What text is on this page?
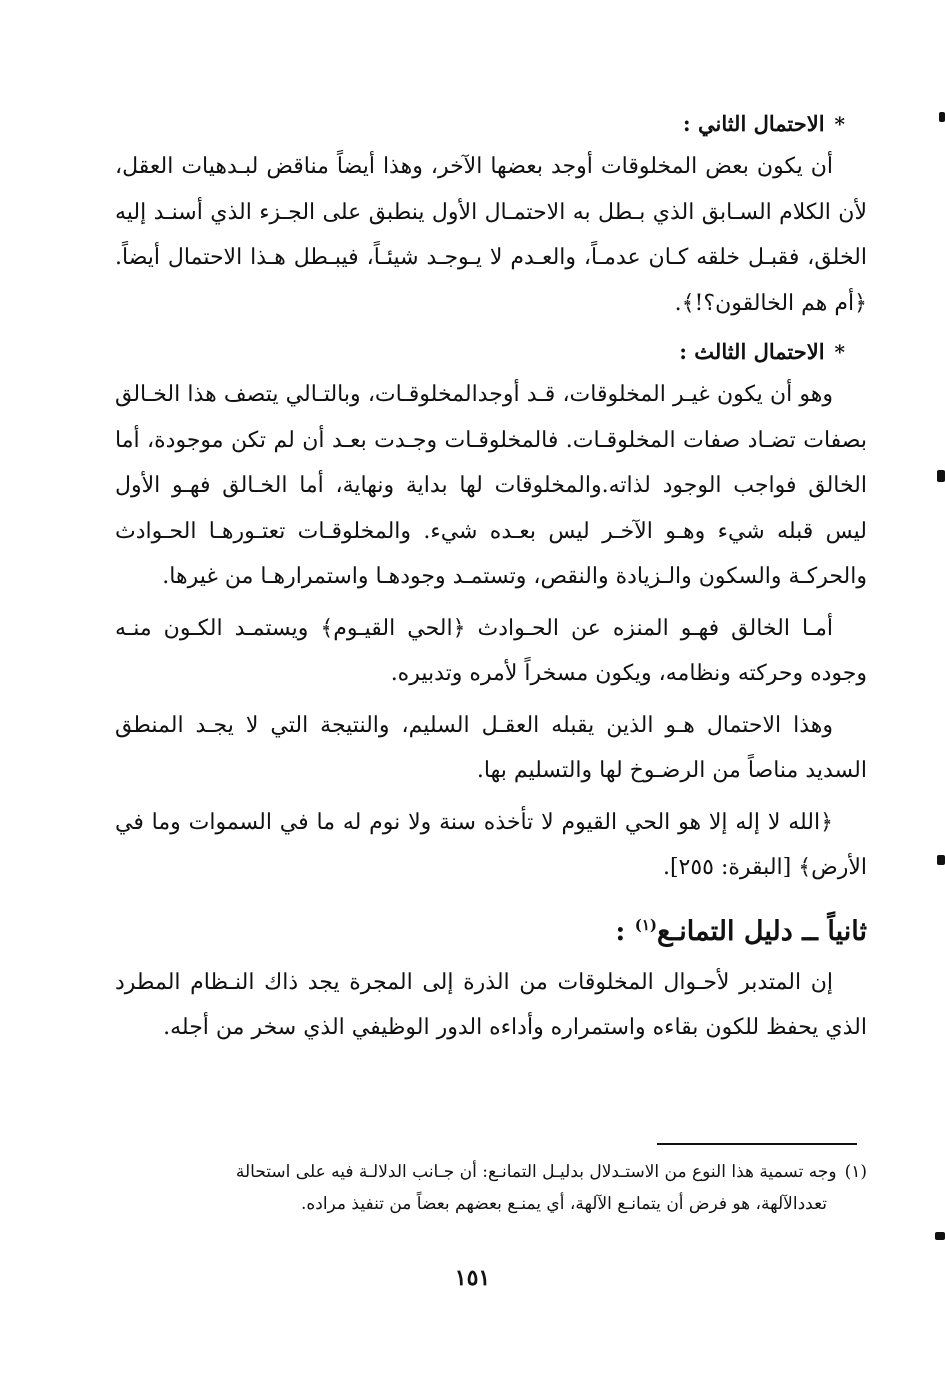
*الاحتمال الثاني :

أن يكون بعض المخلوقات أوجد بعضها الآخر، وهذا أيضاً مناقض لبـدهيات العقل، لأن الكلام السـابق الذي بـطل به الاحتمـال الأول ينطبق على الجـزء الذي أسنـد إليه الخلق، فقبـل خلقه كـان عدمـاً، والعـدم لا يـوجـد شيئـاً، فيبـطل هـذا الاحتمال أيضاً. ﴿أم هم الخالقون؟!﴾.

*الاحتمال الثالث :

وهو أن يكون غيـر المخلوقات، قـد أوجدالمخلوقـات، وبالتـالي يتصف هذا الخـالق بصفات تضـاد صفات المخلوقـات. فالمخلوقـات وجـدت بعـد أن لم تكن موجودة، أما الخالق فواجب الوجود لذاته.والمخلوقات لها بداية ونهاية، أما الخـالق فهـو الأول ليس قبله شيء وهـو الآخـر ليس بعـده شيء. والمخلوقـات تعتـورهـا الحـوادث والحركـة والسكون والـزيادة والنقص، وتستمـد وجودهـا واستمرارهـا من غيرها.

أمـا الخالق فهـو المنزه عن الحـوادث ﴿الحي القيـوم﴾ ويستمـد الكـون منـه وجوده وحركته ونظامه، ويكون مسخراً لأمره وتدبيره.

وهذا الاحتمال هـو الذين يقبله العقـل السليم، والنتيجة التي لا يجـد المنطق السديد مناصاً من الرضـوخ لها والتسليم بها.

﴿الله لا إله إلا هو الحي القيوم لا تأخذه سنة ولا نوم له ما في السموات وما في الأرض﴾ [البقرة: ٢٥٥].

ثانياً ــ دليل التمانـع$^{(١)}$ :

إن المتدبر لأحـوال المخلوقات من الذرة إلى المجرة يجد ذاك النـظام المطرد الذي يحفظ للكون بقاءه واستمراره وأداءه الدور الوظيفي الذي سخر من أجله.

(١)وجه تسمية هذا النوع من الاستـدلال بدليـل التمانـع: أن جـانب الدلالـة فيه على استحالة
تعددالآلهة، هو فرض أن يتمانـع الآلهة، أي يمنـع بعضهم بعضاً من تنفيذ مراده.
١٥١
